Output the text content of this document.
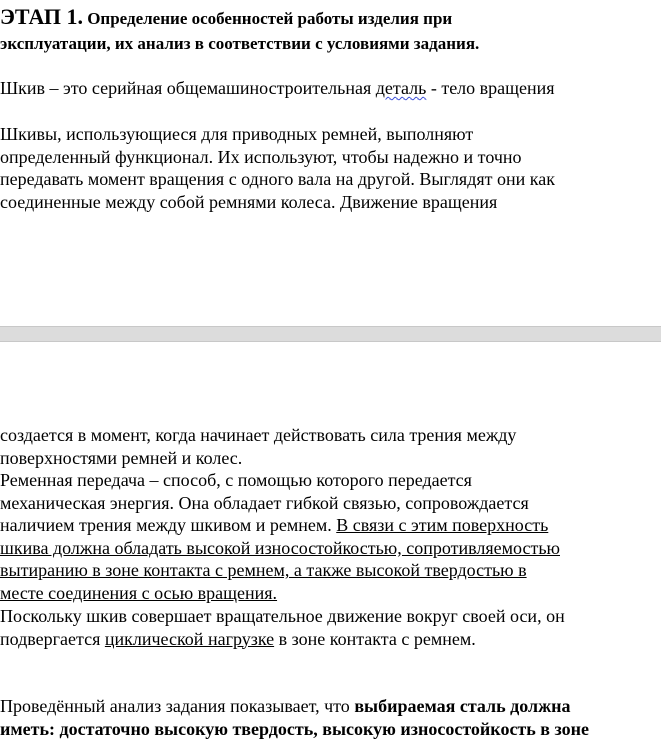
ЭТАП 1. Определение особенностей работы изделия при
эксплуатации, их анализ в соответствии с условиями задания.
Шкив – это серийная общемашиностроительная деталь - тело вращения
Шкивы, использующиеся для приводных ремней, выполняют
определенный функционал. Их используют, чтобы надежно и точно
передавать момент вращения с одного вала на другой. Выглядят они как
соединенные между собой ремнями колеса. Движение вращения
создается в момент, когда начинает действовать сила трения между
поверхностями ремней и колес.
Ременная передача – способ, с помощью которого передается
механическая энергия. Она обладает гибкой связью, сопровождается
наличием трения между шкивом и ремнем. В связи с этим поверхность
шкива должна обладать высокой износостойкостью, сопротивляемостью
вытиранию в зоне контакта с ремнем, а также высокой твердостью в
месте соединения с осью вращения.
Поскольку шкив совершает вращательное движение вокруг своей оси, он
подвергается циклической нагрузке в зоне контакта с ремнем.
Проведённый анализ задания показывает, что выбираемая сталь должна
иметь: достаточно высокую твердость, высокую износостойкость в зоне
